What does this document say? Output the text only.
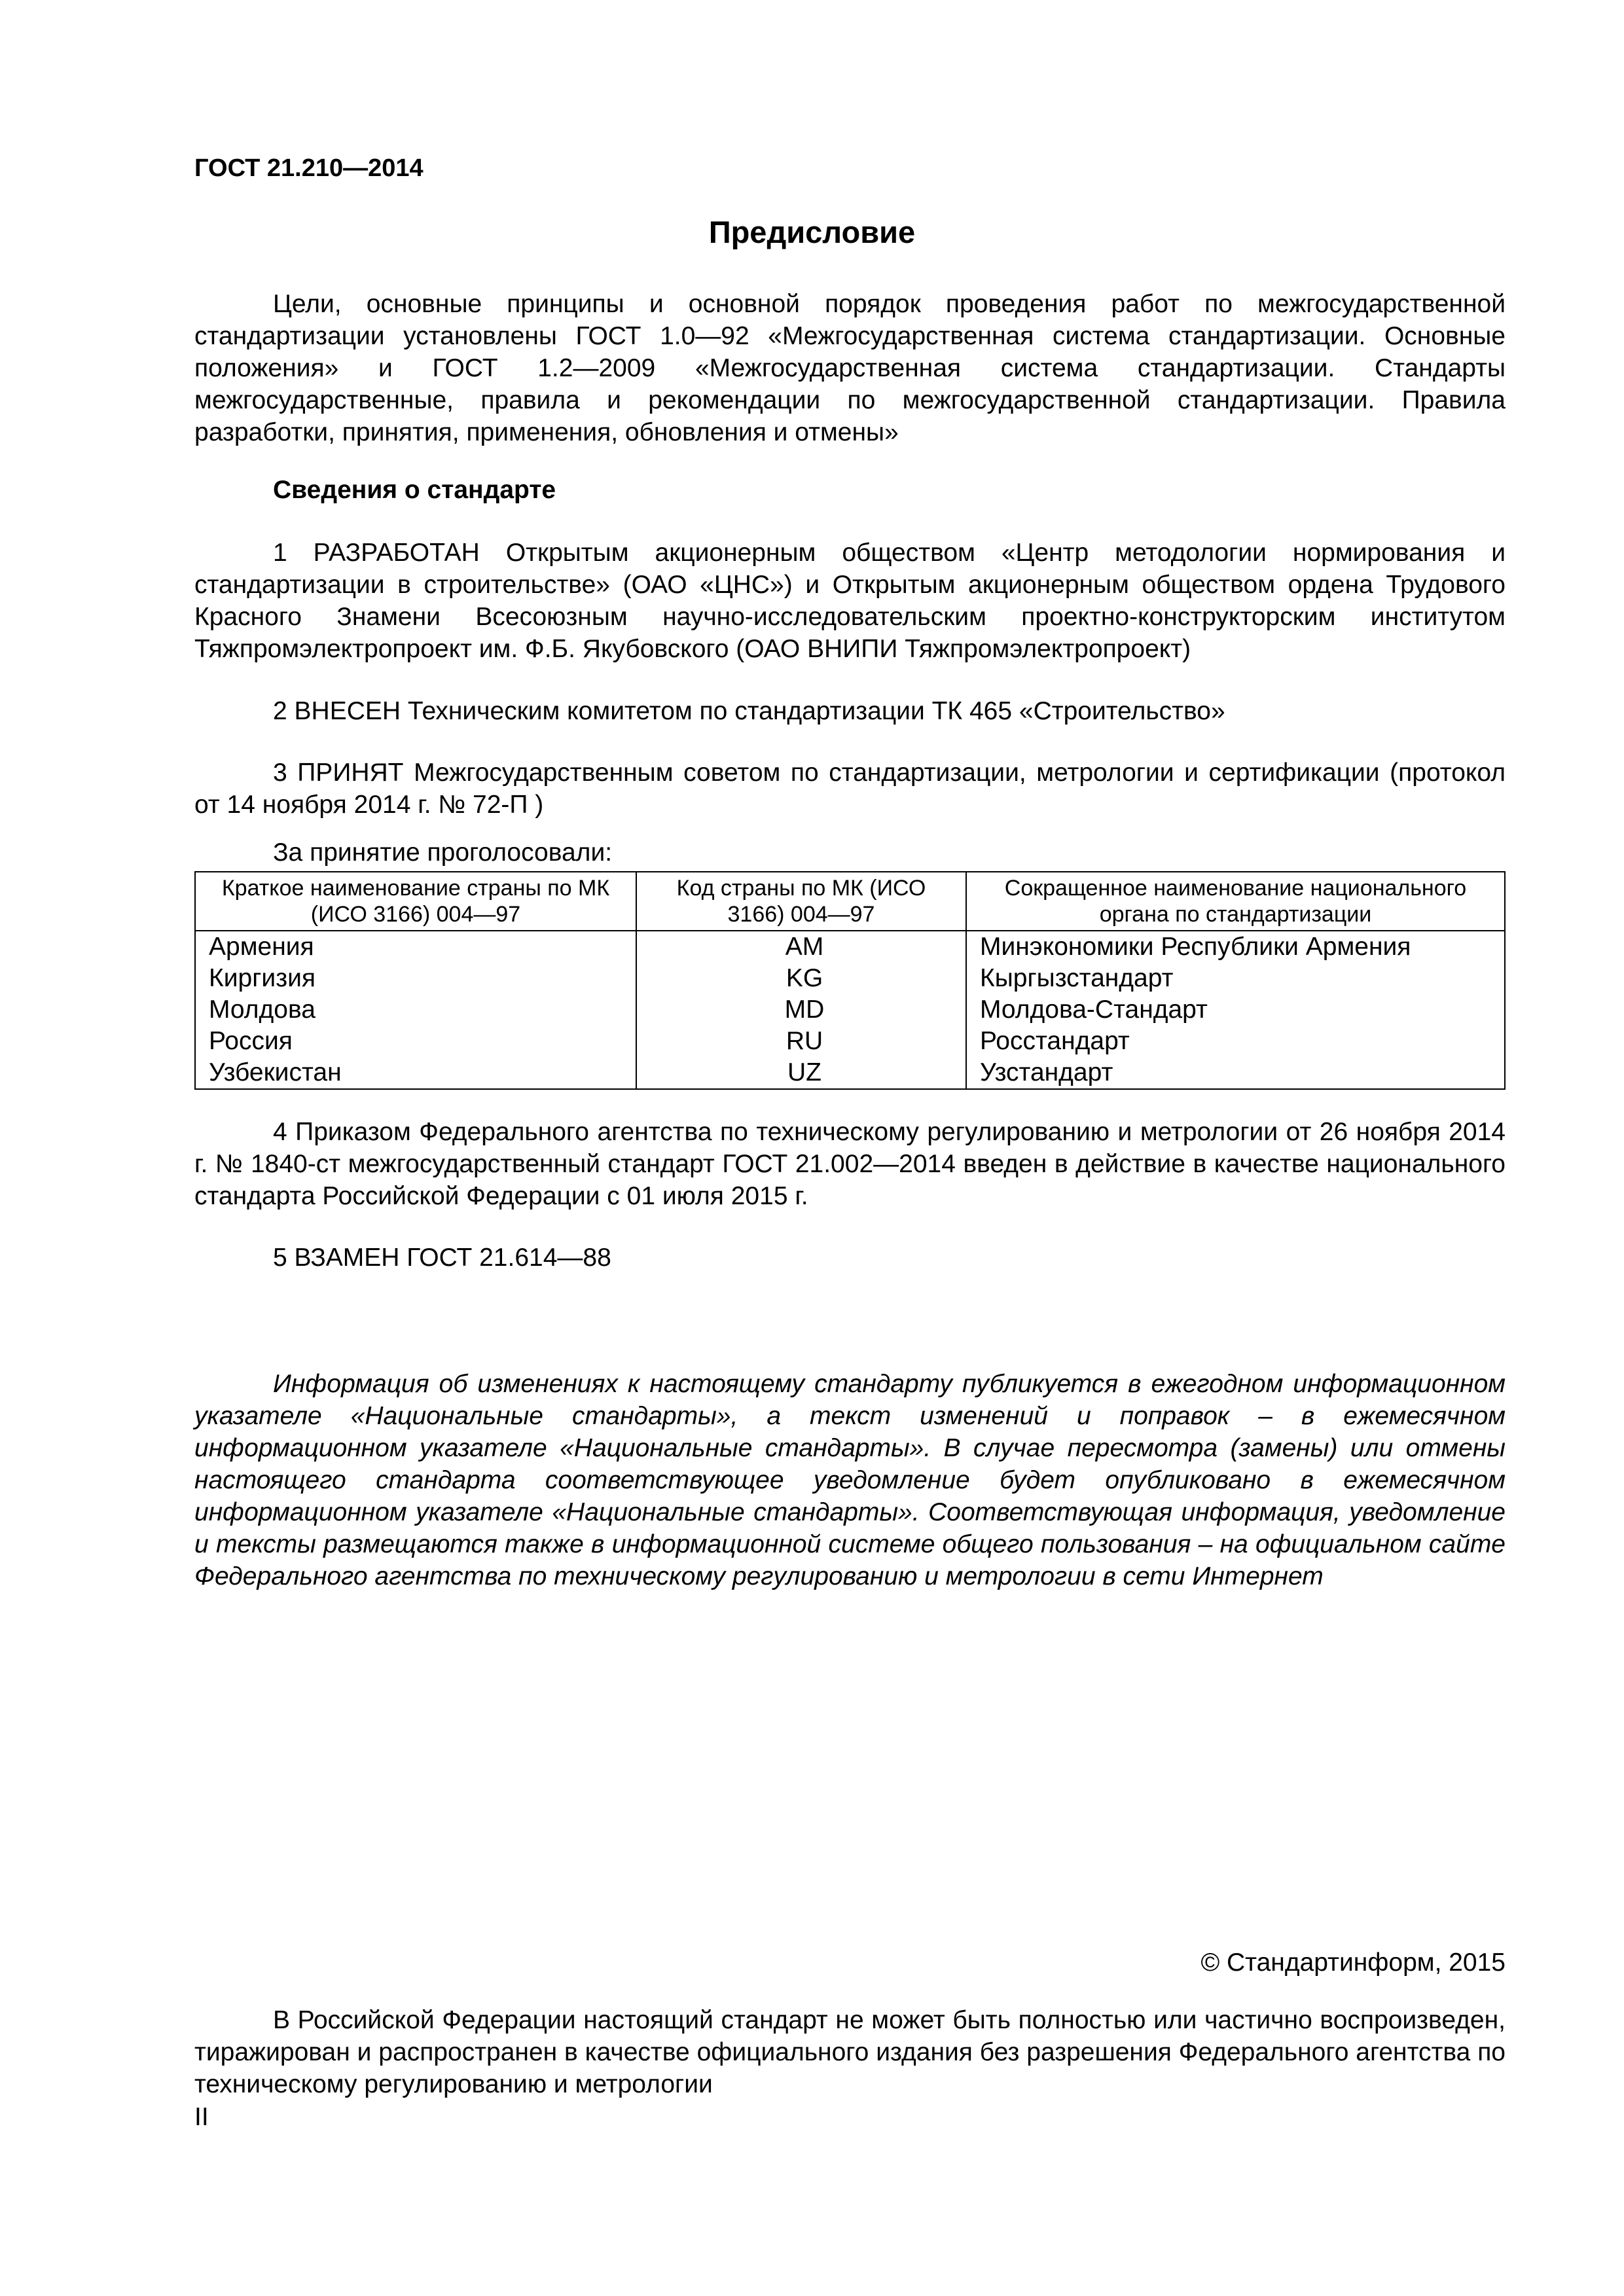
ГОСТ 21.210—2014
Предисловие

Цели, основные принципы и основной порядок проведения работ по межгосударственной стандартизации установлены ГОСТ 1.0—92 «Межгосударственная система стандартизации. Основные положения» и ГОСТ 1.2—2009 «Межгосударственная система стандартизации. Стандарты межгосударственные, правила и рекомендации по межгосударственной стандартизации. Правила разработки, принятия, применения, обновления и отмены»

Сведения о стандарте

1 РАЗРАБОТАН Открытым акционерным обществом «Центр методологии нормирования и стандартизации в строительстве» (ОАО «ЦНС») и Открытым акционерным обществом ордена Трудового Красного Знамени Всесоюзным научно-исследовательским проектно-конструкторским институтом Тяжпромэлектропроект им. Ф.Б. Якубовского (ОАО ВНИПИ Тяжпромэлектропроект)

2 ВНЕСЕН Техническим комитетом по стандартизации ТК 465 «Строительство»

3 ПРИНЯТ Межгосударственным советом по стандартизации, метрологии и сертификации (протокол от 14 ноября 2014 г. № 72-П )

За принятие проголосовали:
Краткое наименование страны по МК (ИСО 3166) 004—97	Код страны по МК (ИСО 3166) 004—97	Сокращенное наименование национального органа по стандартизации
Армения	AM	Минэкономики Республики Армения
Киргизия	KG	Кыргызстандарт
Молдова	MD	Молдова-Стандарт
Россия	RU	Росстандарт
Узбекистан	UZ	Узстандарт

4 Приказом Федерального агентства по техническому регулированию и метрологии от 26 ноября 2014 г. № 1840-ст межгосударственный стандарт ГОСТ 21.002—2014 введен в действие в качестве национального стандарта Российской Федерации с 01 июля 2015 г.

5 ВЗАМЕН ГОСТ 21.614—88

Информация об изменениях к настоящему стандарту публикуется в ежегодном информационном указателе «Национальные стандарты», а текст изменений и поправок – в ежемесячном информационном указателе «Национальные стандарты». В случае пересмотра (замены) или отмены настоящего стандарта соответствующее уведомление будет опубликовано в ежемесячном информационном указателе «Национальные стандарты». Соответствующая информация, уведомление и тексты размещаются также в информационной системе общего пользования – на официальном сайте Федерального агентства по техническому регулированию и метрологии в сети Интернет

© Стандартинформ, 2015

В Российской Федерации настоящий стандарт не может быть полностью или частично воспроизведен, тиражирован и распространен в качестве официального издания без разрешения Федерального агентства по техническому регулированию и метрологии

II
